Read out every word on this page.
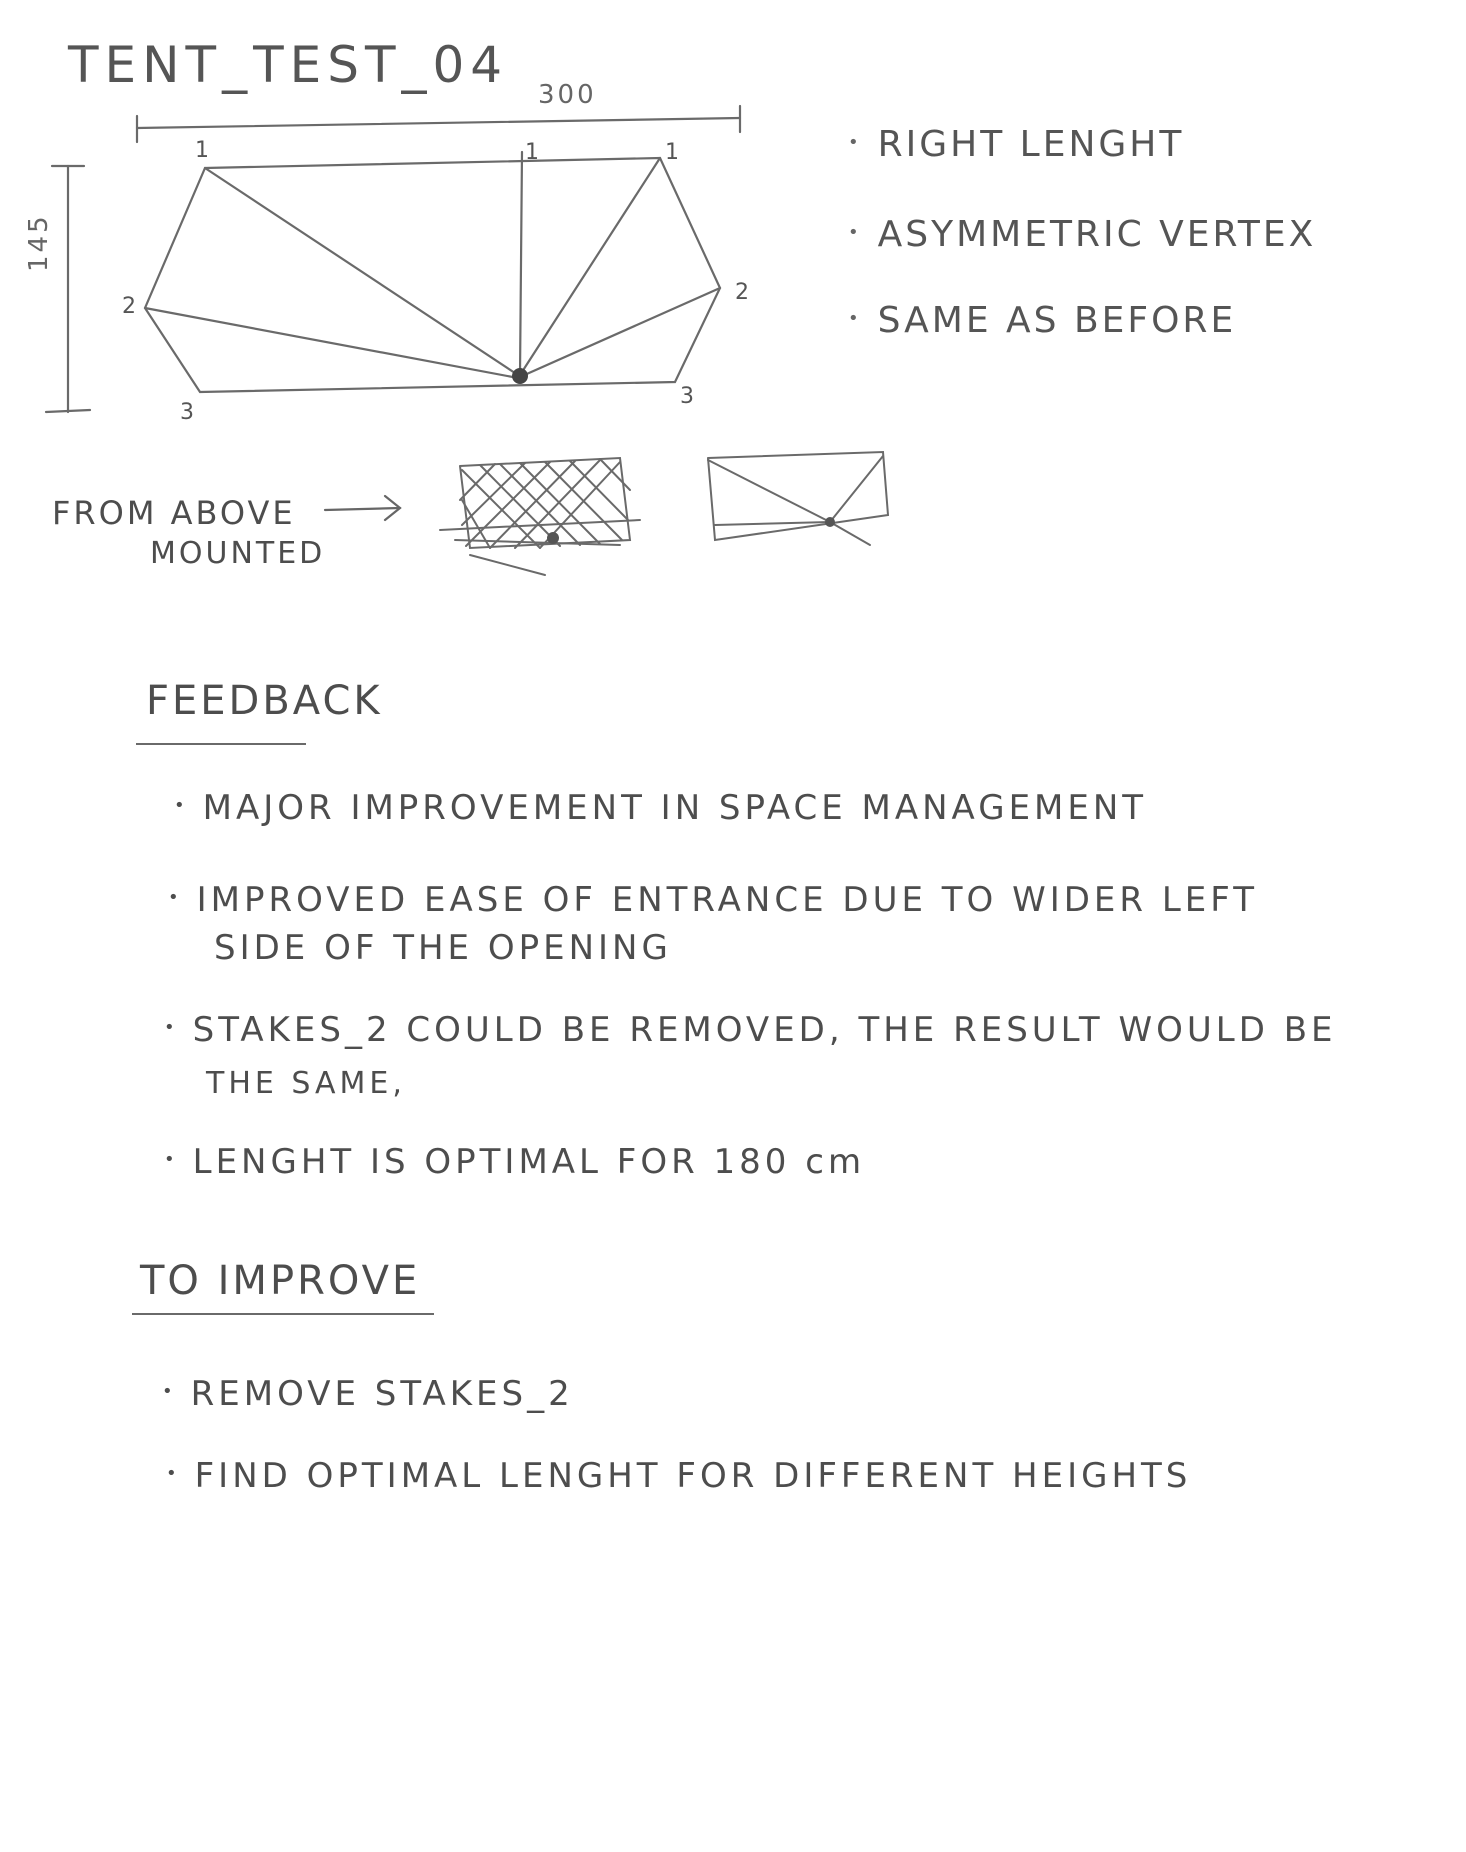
TENT_TEST_04
300
145
1	1	1
2
2
3
3
FROM ABOVE
MOUNTED
• RIGHT LENGHT
• ASYMMETRIC VERTEX
• SAME AS BEFORE
FEEDBACK
• MAJOR IMPROVEMENT IN SPACE MANAGEMENT
• IMPROVED EASE OF ENTRANCE DUE TO WIDER LEFT
SIDE OF THE OPENING
• STAKES_2 COULD BE REMOVED, THE RESULT WOULD BE
THE SAME,
• LENGHT IS OPTIMAL FOR 180 cm
TO IMPROVE
• REMOVE STAKES_2
• FIND OPTIMAL LENGHT FOR DIFFERENT HEIGHTS
